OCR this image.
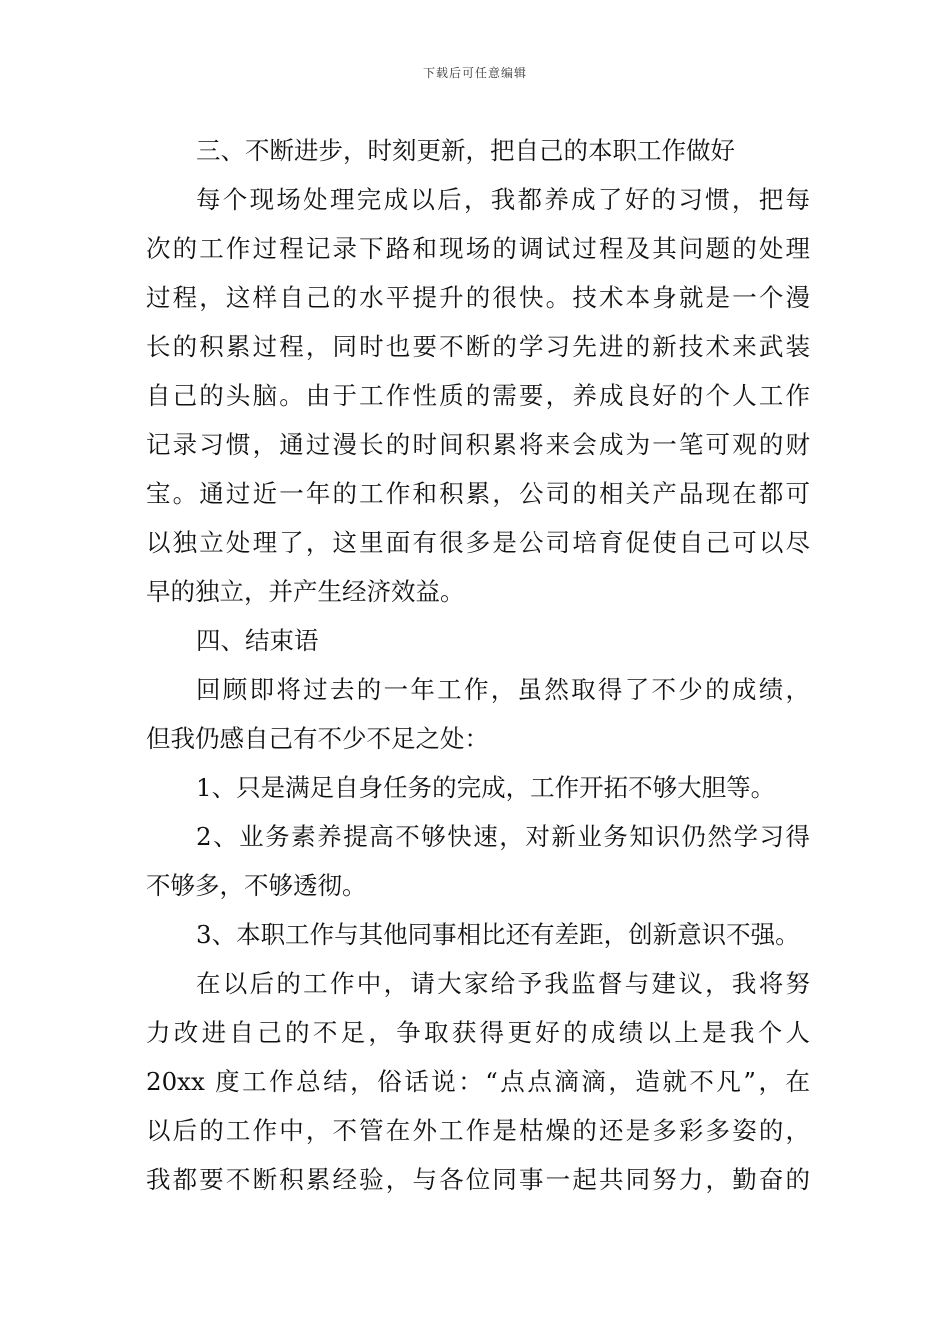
下载后可任意编辑
三、不断进步，时刻更新，把自己的本职工作做好
每个现场处理完成以后，我都养成了好的习惯，把每
次的工作过程记录下路和现场的调试过程及其问题的处理
过程，这样自己的水平提升的很快。技术本身就是一个漫
长的积累过程，同时也要不断的学习先进的新技术来武装
自己的头脑。由于工作性质的需要，养成良好的个人工作
记录习惯，通过漫长的时间积累将来会成为一笔可观的财
宝。通过近一年的工作和积累，公司的相关产品现在都可
以独立处理了，这里面有很多是公司培育促使自己可以尽
早的独立，并产生经济效益。
四、结束语
回顾即将过去的一年工作，虽然取得了不少的成绩，
但我仍感自己有不少不足之处：
1、只是满足自身任务的完成，工作开拓不够大胆等。
2、业务素养提高不够快速，对新业务知识仍然学习得
不够多，不够透彻。
3、本职工作与其他同事相比还有差距，创新意识不强。
在以后的工作中，请大家给予我监督与建议，我将努
力改进自己的不足，争取获得更好的成绩以上是我个人
20xx 度工作总结，俗话说：“点点滴滴，造就不凡”，在
以后的工作中，不管在外工作是枯燥的还是多彩多姿的，
我都要不断积累经验，与各位同事一起共同努力，勤奋的
